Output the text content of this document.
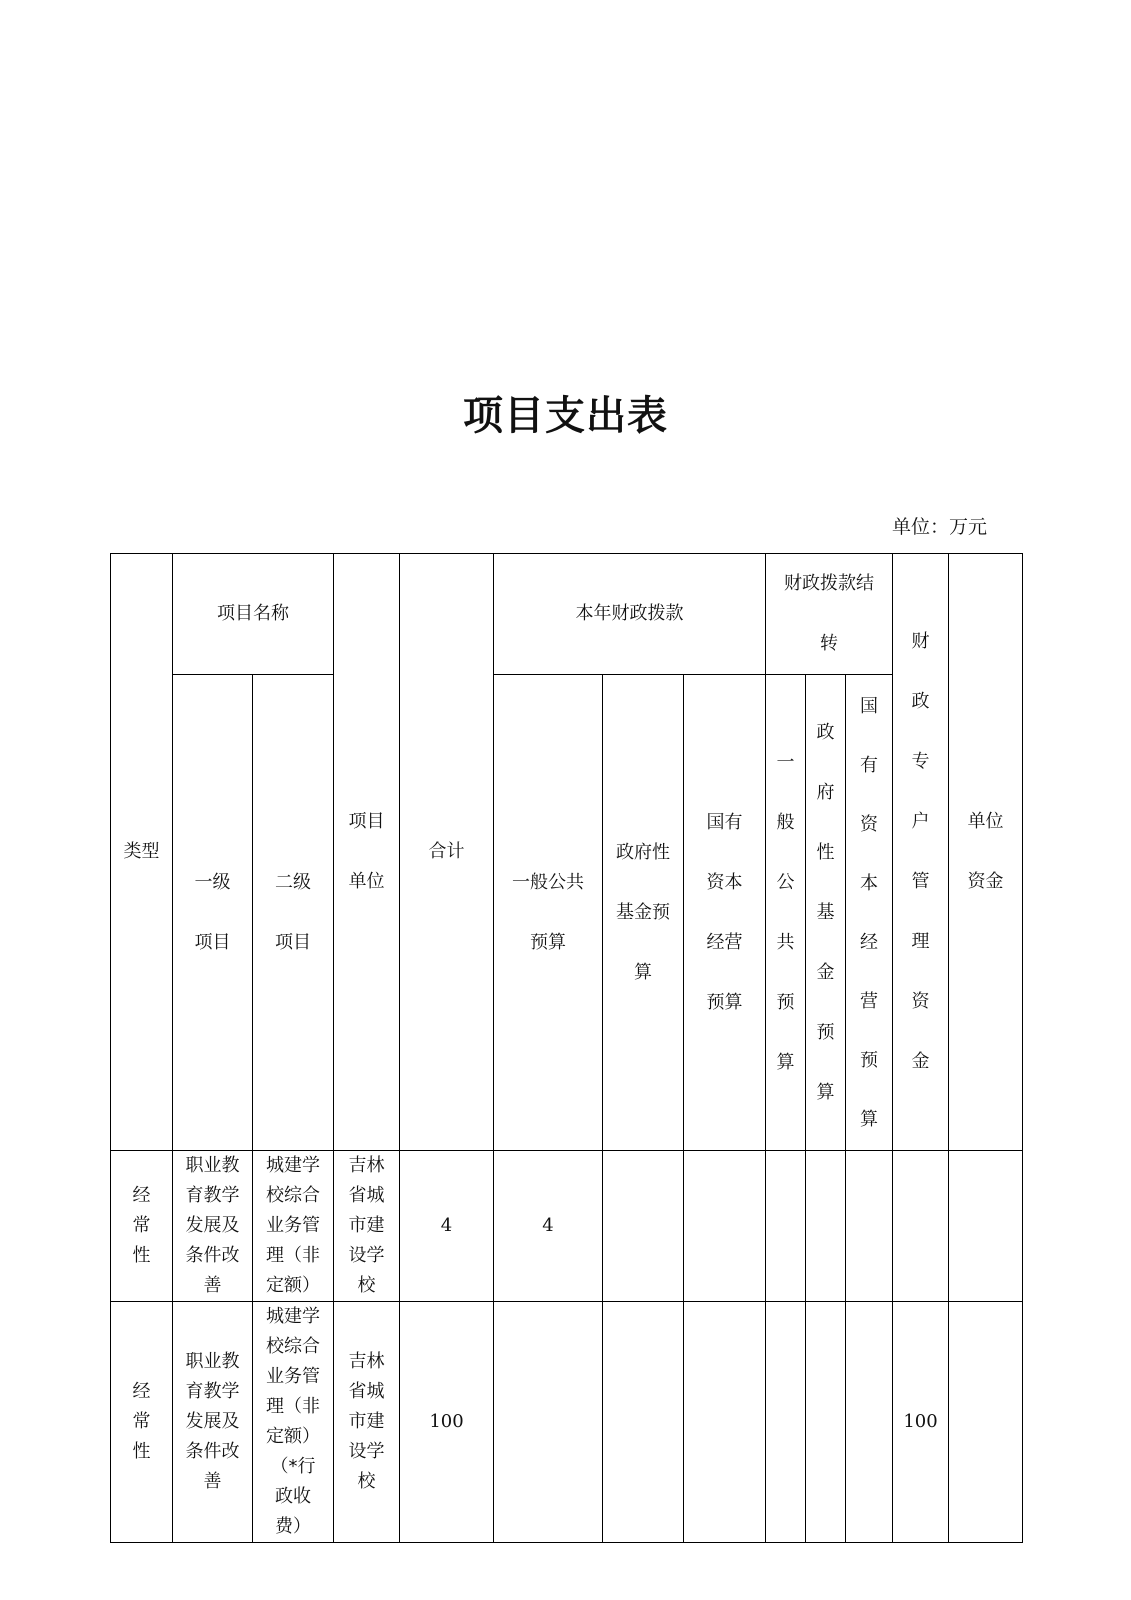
项目支出表
单位：万元
类型	项目名称		项目单位	合计	本年财政拨款			财政拨款结转			财政专户管理资金	单位资金
	一级项目	二级项目			一般公共预算	政府性基金预算	国有资本经营预算	一般公共预算	政府性基金预算	国有资本经营预算		
经常性	职业教育教学发展及条件改善	城建学校综合业务管理（非定额）	吉林省城市建设学校	4	4							
经常性	职业教育教学发展及条件改善	城建学校综合业务管理（非定额）（*行政收费）	吉林省城市建设学校	100							100	
